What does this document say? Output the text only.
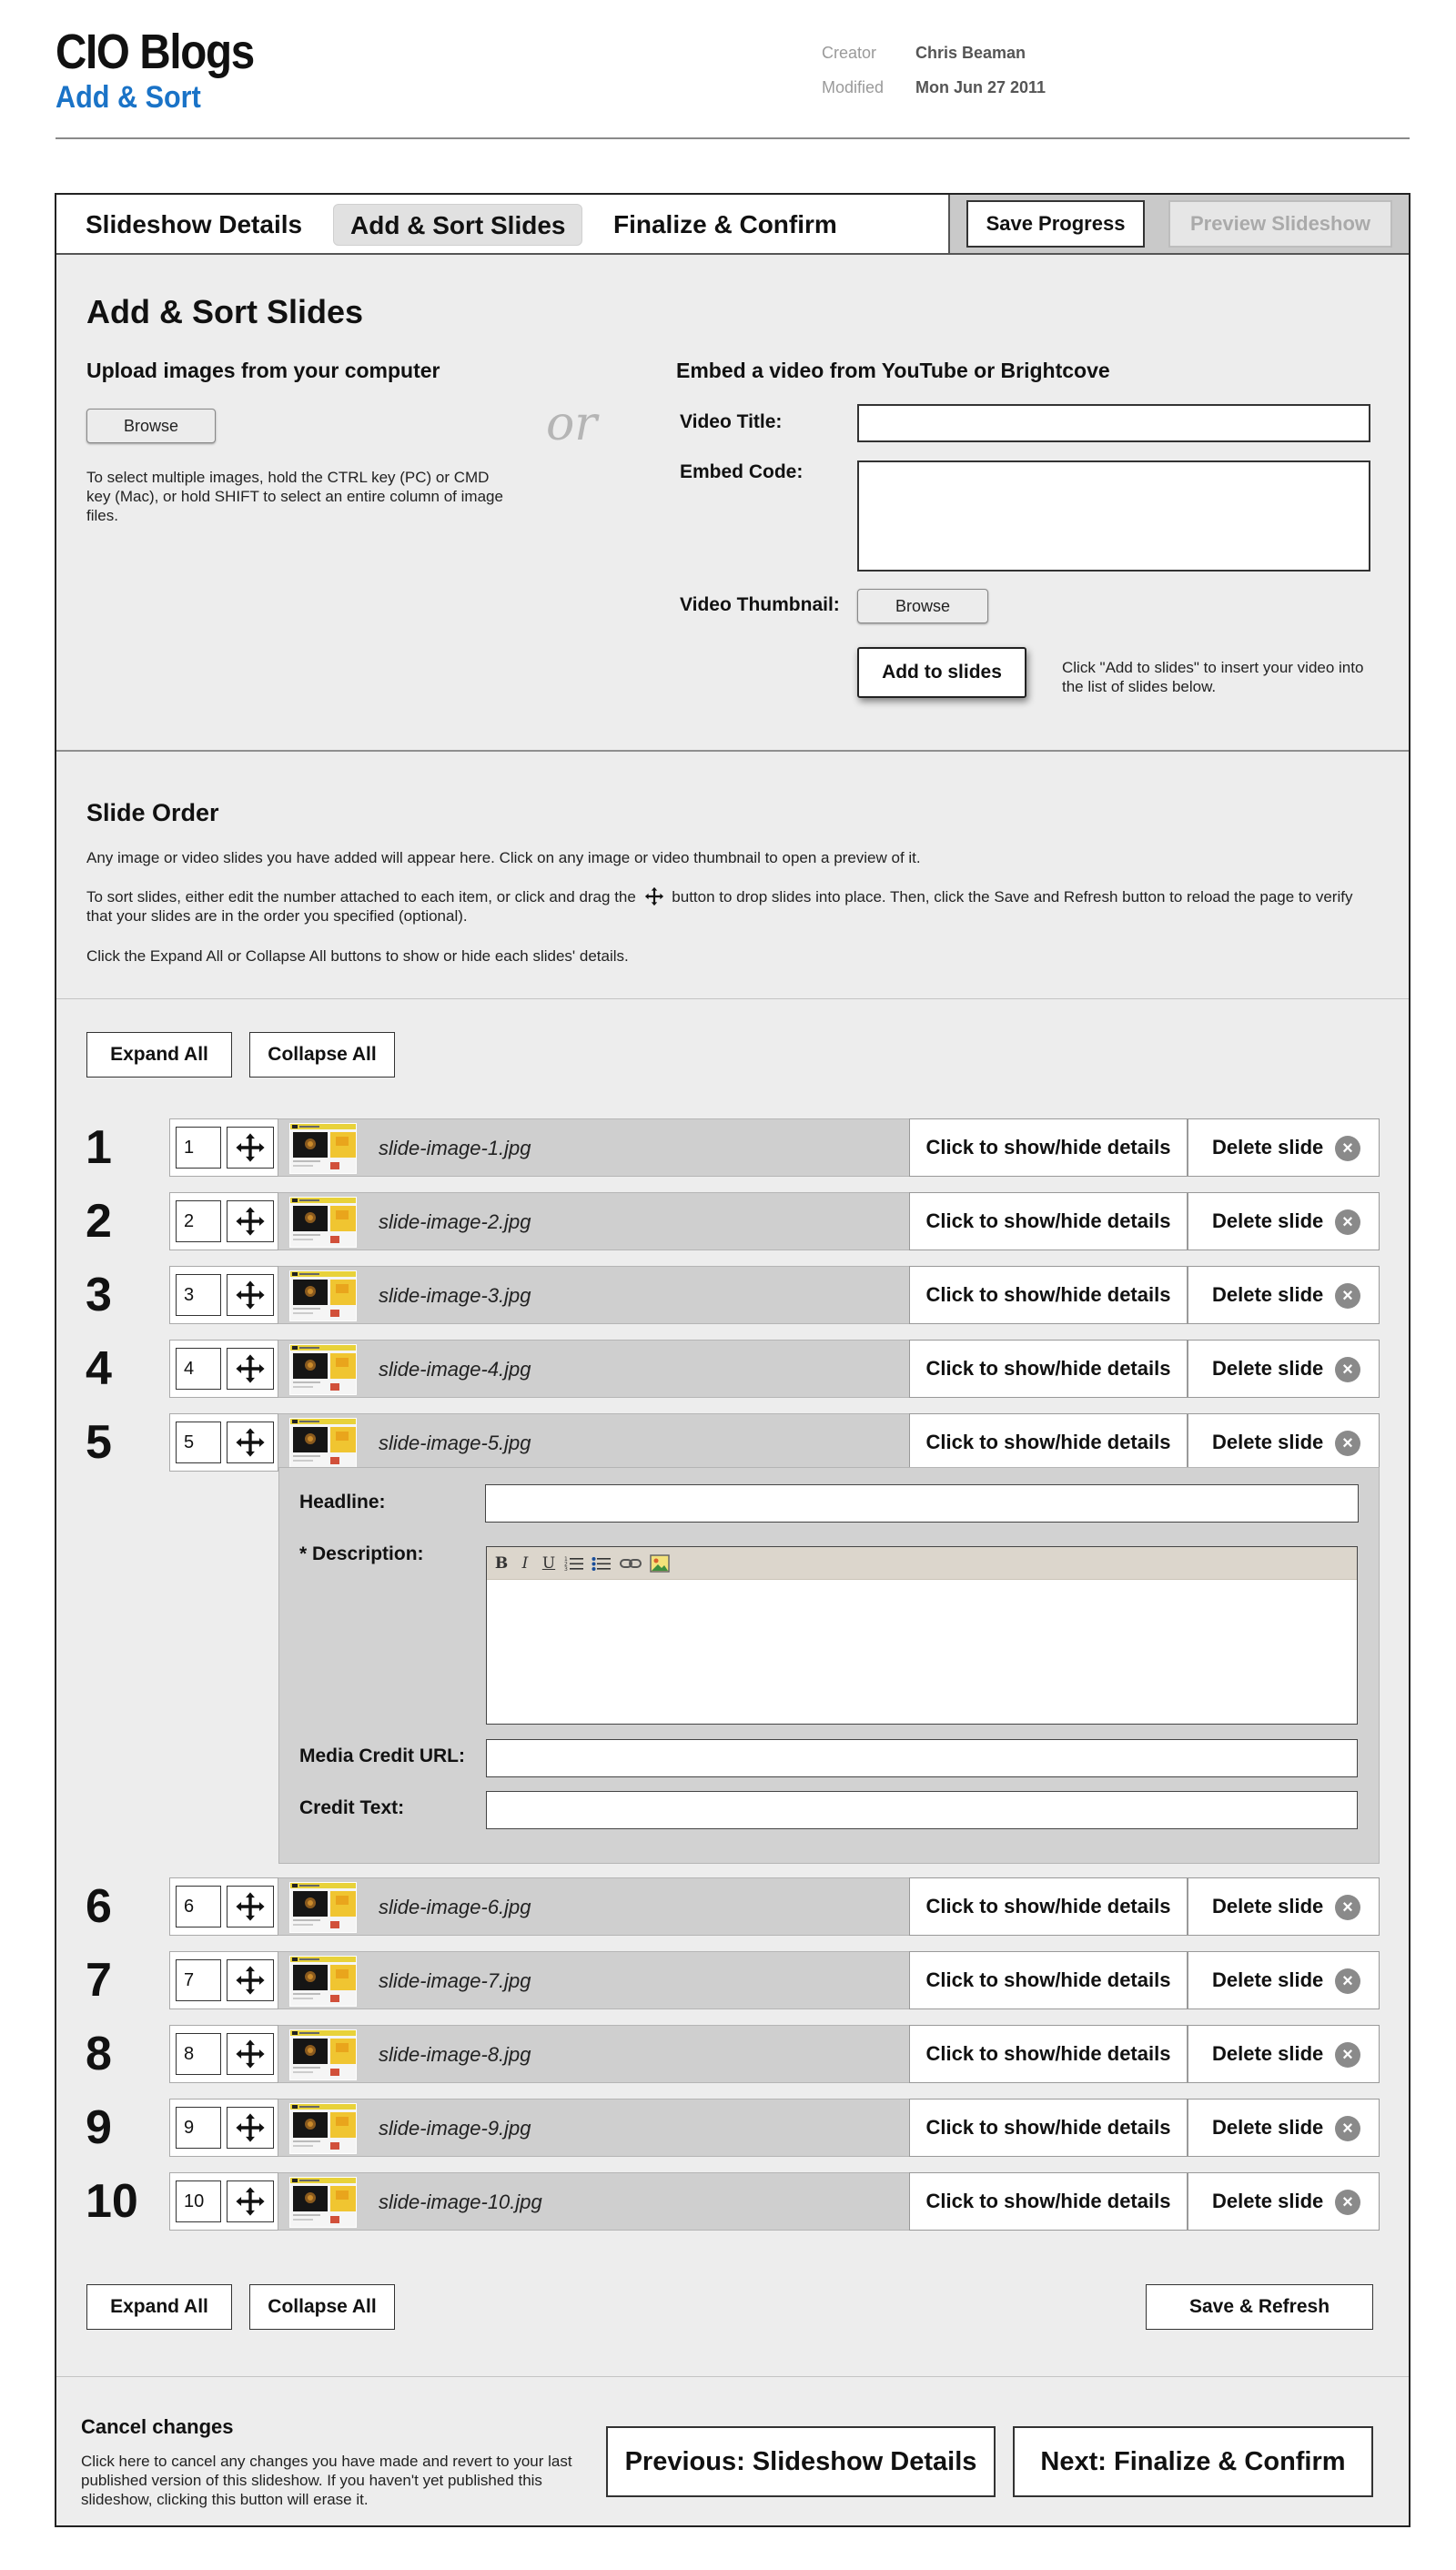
CIO Blogs
Add & Sort
Creator Chris Beaman
Modified Mon Jun 27 2011
Slideshow Details	Add & Sort Slides	Finalize & Confirm	Save Progress	Preview Slideshow
Add & Sort Slides
Upload images from your computer
Browse
To select multiple images, hold the CTRL key (PC) or CMD key (Mac), or hold SHIFT to select an entire column of image files.
or
Embed a video from YouTube or Brightcove
Video Title:
Embed Code:
Video Thumbnail:	Browse
Add to slides	Click "Add to slides" to insert your video into the list of slides below.
Slide Order
Any image or video slides you have added will appear here. Click on any image or video thumbnail to open a preview of it.
To sort slides, either edit the number attached to each item, or click and drag the button to drop slides into place. Then, click the Save and Refresh button to reload the page to verify that your slides are in the order you specified (optional).
Click the Expand All or Collapse All buttons to show or hide each slides' details.
Expand All	Collapse All
1	1	slide-image-1.jpg	Click to show/hide details	Delete slide	×
2	2	slide-image-2.jpg	Click to show/hide details	Delete slide	×
3	3	slide-image-3.jpg	Click to show/hide details	Delete slide	×
4	4	slide-image-4.jpg	Click to show/hide details	Delete slide	×
5	5	slide-image-5.jpg	Click to show/hide details	Delete slide	×
6	6	slide-image-6.jpg	Click to show/hide details	Delete slide	×
7	7	slide-image-7.jpg	Click to show/hide details	Delete slide	×
8	8	slide-image-8.jpg	Click to show/hide details	Delete slide	×
9	9	slide-image-9.jpg	Click to show/hide details	Delete slide	×
10	10	slide-image-10.jpg	Click to show/hide details	Delete slide	×
Headline:
* Description:	B I U	1
2
3
Media Credit URL:
Credit Text:
Expand All	Collapse All	Save & Refresh
Cancel changes
Click here to cancel any changes you have made and revert to your last published version of this slideshow. If you haven't yet published this slideshow, clicking this button will erase it.
Previous: Slideshow Details	Next: Finalize & Confirm
